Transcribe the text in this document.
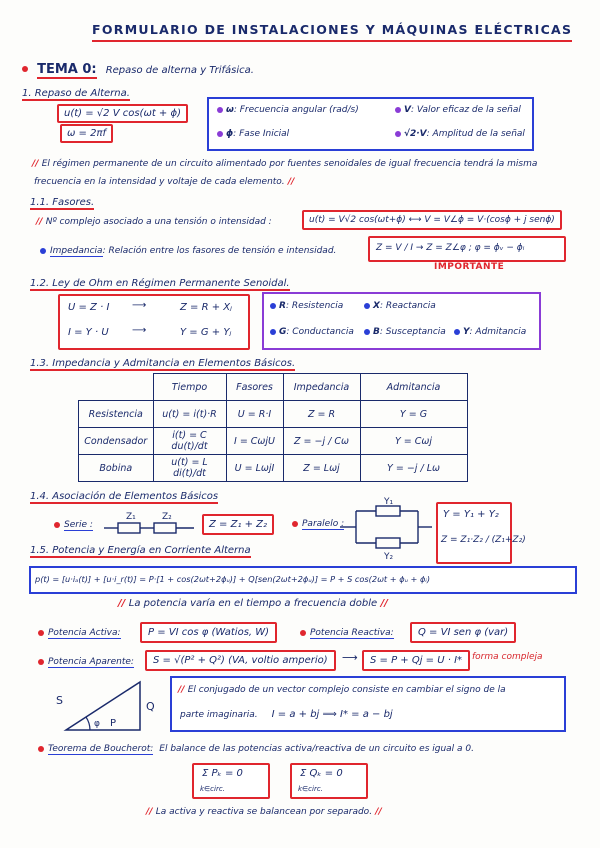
FORMULARIO DE INSTALACIONES Y MÁQUINAS ELÉCTRICAS
TEMA 0: Repaso de alterna y Trifásica.
1. Repaso de Alterna.
u(t) = √2 V cos(ωt + ϕ)
ω = 2πf
ω: Frecuencia angular (rad/s)	V: Valor eficaz de la señal
ϕ: Fase Inicial	√2·V: Amplitud de la señal
// El régimen permanente de un circuito alimentado por fuentes senoidales de igual frecuencia tendrá la misma
frecuencia en la intensidad y voltaje de cada elemento. //
1.1. Fasores.
// Nº complejo asociado a una tensión o intensidad :	u(t) = V√2 cos(ωt+ϕ) ⟷ V = V∠ϕ = V·(cosϕ + j senϕ)
Impedancia: Relación entre los fasores de tensión e intensidad.	Z = V / I → Z = Z∠φ ; φ = ϕᵥ − ϕᵢ
IMPORTANTE
1.2. Ley de Ohm en Régimen Permanente Senoidal.
U = Z · I ⟶	Z = R + Xⱼ
I = Y · U ⟶	Y = G + Yⱼ
R: Resistencia	X: Reactancia
G: Conductancia	B: Susceptancia	Y: Admitancia
1.3. Impedancia y Admitancia en Elementos Básicos.
	Tiempo	Fasores	Impedancia	Admitancia
Resistencia	u(t) = i(t)·R	U = R·I	Z = R	Y = G
Condensador	i(t) = C du(t)/dt	I = CωjU	Z = −j / Cω	Y = Cωj
Bobina	u(t) = L di(t)/dt	U = LωjI	Z = Lωj	Y = −j / Lω
1.4. Asociación de Elementos Básicos
Serie :
Z₁	Z₂
Z = Z₁ + Z₂	Paralelo :
Y₁
Y₂
Y = Y₁ + Y₂
Z = Z₁·Z₂ / (Z₁+Z₂)
1.5. Potencia y Energía en Corriente Alterna
p(t) = [u·iₐ(t)] + [u·i_r(t)] = P·[1 + cos(2ωt+2ϕᵤ)] + Q[sen(2ωt+2ϕᵤ)] = P + S cos(2ωt + ϕᵤ + ϕᵢ)
// La potencia varía en el tiempo a frecuencia doble //
Potencia Activa:	P = VI cos φ (Watios, W)	Potencia Reactiva:	Q = VI sen φ (var)
Potencia Aparente:	S = √(P² + Q²) (VA, voltio amperio)	⟶	S = P + Qj = U · I*	forma compleja
S
φ P
Q
// El conjugado de un vector complejo consiste en cambiar el signo de la
parte imaginaria. I = a + bj ⟹ I* = a − bj
Teorema de Boucherot: El balance de las potencias activa/reactiva de un circuito es igual a 0.
Σ Pₖ = 0
k∈circ.
Σ Qₖ = 0
k∈circ.
// La activa y reactiva se balancean por separado. //
